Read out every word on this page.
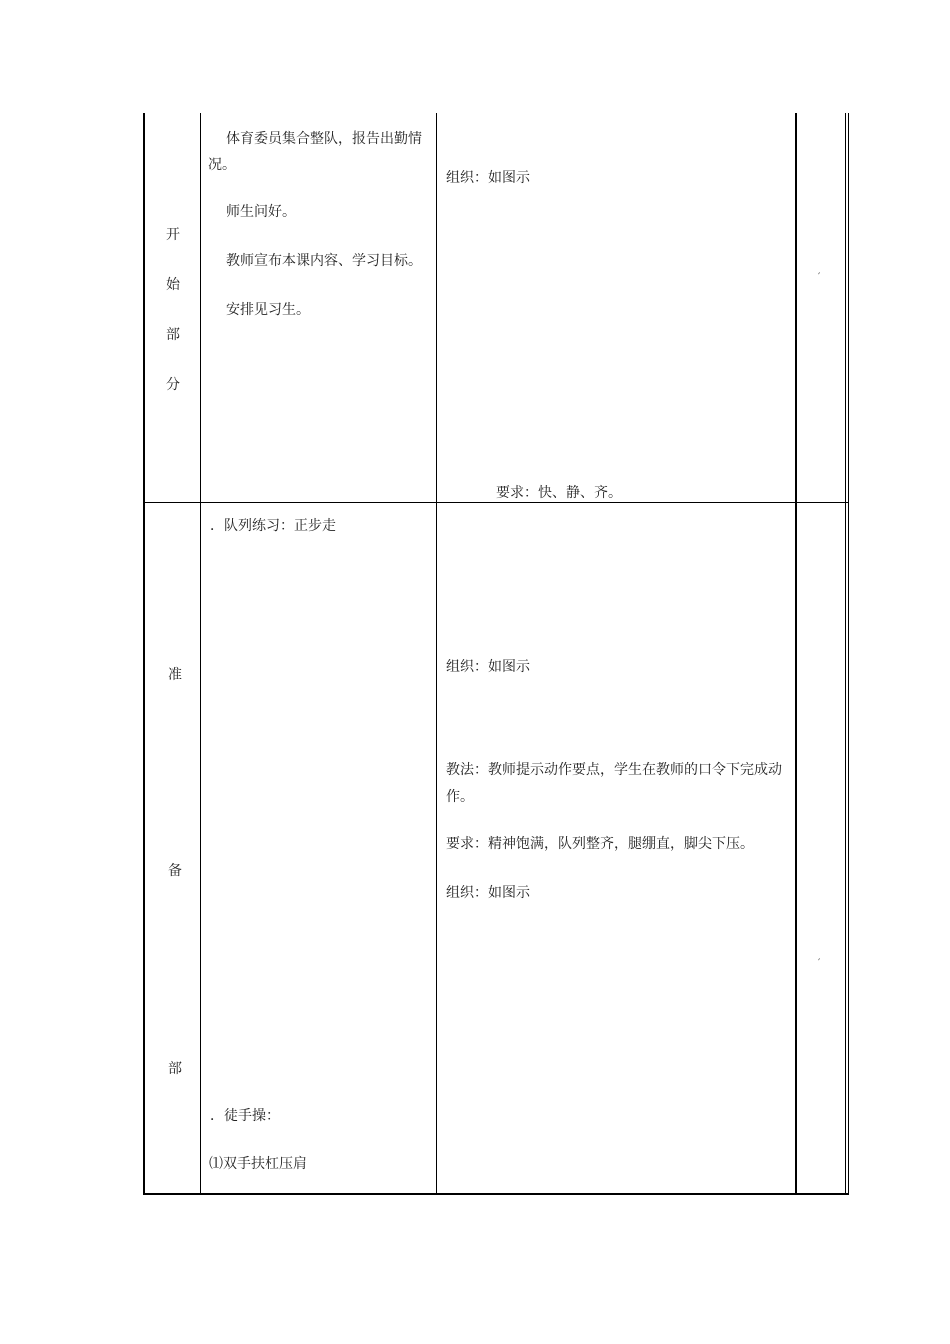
开
始
部
分
体育委员集合整队，报告出勤情况。
师生问好。
教师宣布本课内容、学习目标。
安排见习生。
组织：如图示
要求：快、静、齐。
′
准
备
部
．队列练习：正步走
．徒手操：
⑴双手扶杠压肩
组织：如图示
教法：教师提示动作要点，学生在教师的口令下完成动作。
要求：精神饱满，队列整齐，腿绷直，脚尖下压。
组织：如图示
′
